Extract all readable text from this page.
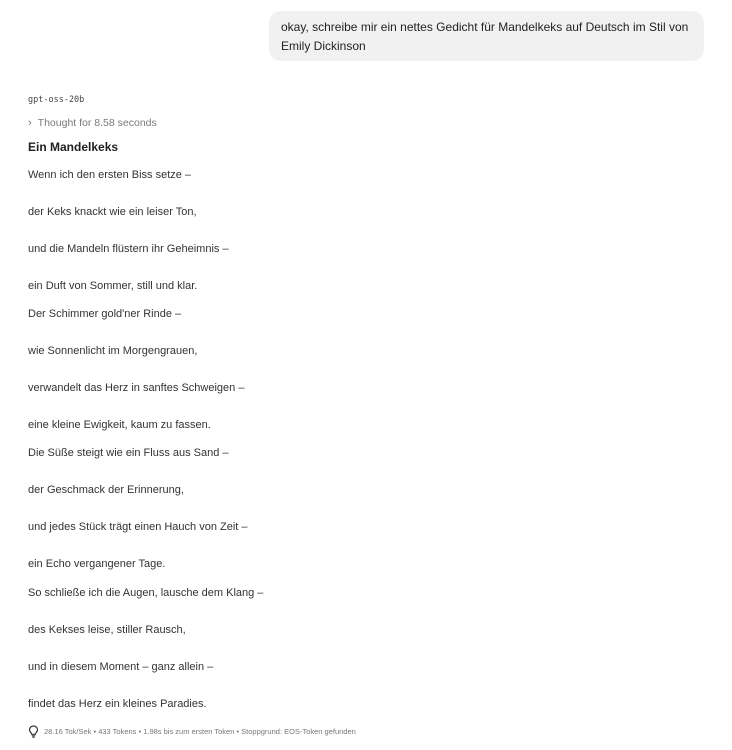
okay, schreibe mir ein nettes Gedicht für Mandelkeks auf Deutsch im Stil von Emily Dickinson
gpt-oss-20b
› Thought for 8.58 seconds
Ein Mandelkeks
Wenn ich den ersten Biss setze –
der Keks knackt wie ein leiser Ton,
und die Mandeln flüstern ihr Geheimnis –
ein Duft von Sommer, still und klar.
Der Schimmer gold'ner Rinde –
wie Sonnenlicht im Morgengrauen,
verwandelt das Herz in sanftes Schweigen –
eine kleine Ewigkeit, kaum zu fassen.
Die Süße steigt wie ein Fluss aus Sand –
der Geschmack der Erinnerung,
und jedes Stück trägt einen Hauch von Zeit –
ein Echo vergangener Tage.
So schließe ich die Augen, lausche dem Klang –
des Kekses leise, stiller Rausch,
und in diesem Moment – ganz allein –
findet das Herz ein kleines Paradies.
28.16 Tok/Sek • 433 Tokens • 1.98s bis zum ersten Token • Stoppgrund: EOS-Token gefunden
